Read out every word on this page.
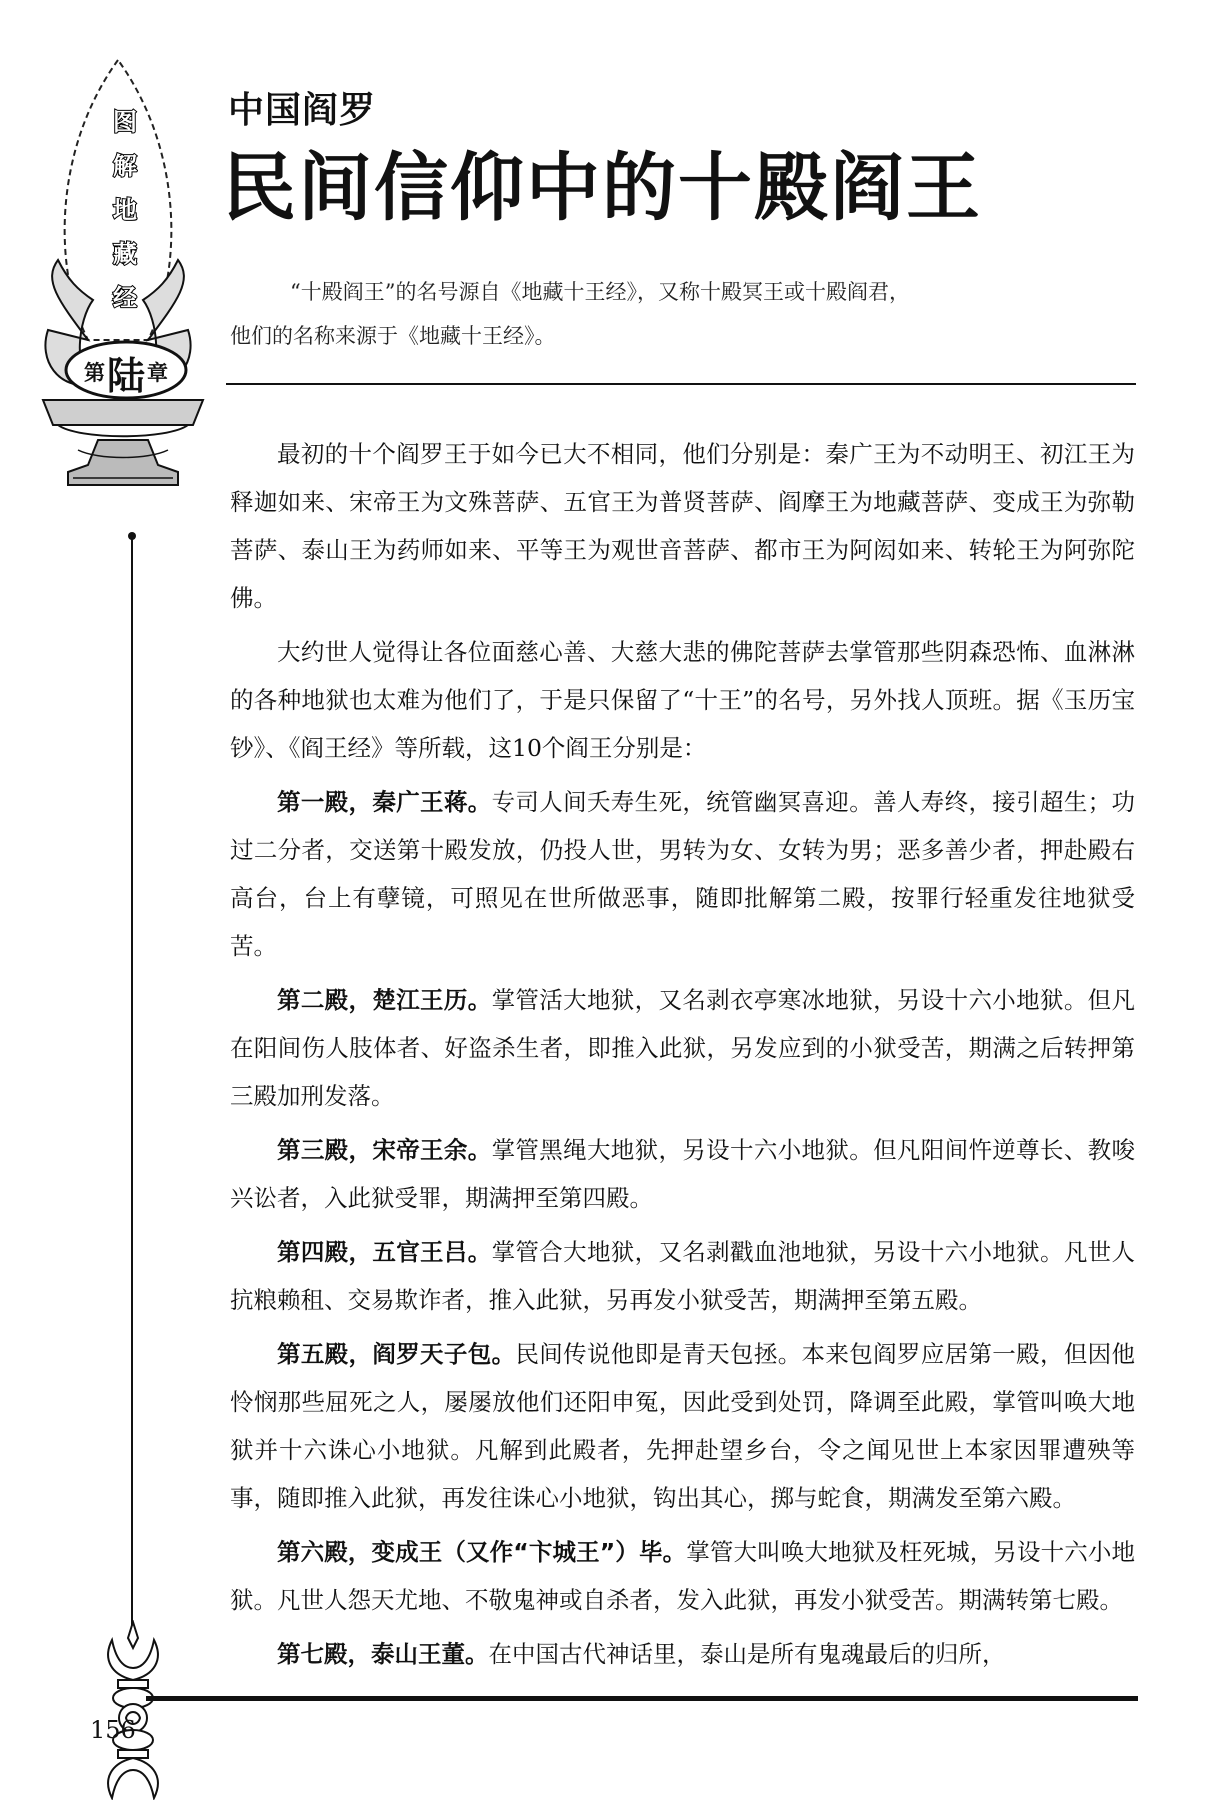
图
解
地
藏
经
第 陆 章
中国阎罗
民间信仰中的十殿阎王

“十殿阎王”的名号源自《地藏十王经》，又称十殿冥王或十殿阎君，

他们的名称来源于《地藏十王经》。

最初的十个阎罗王于如今已大不相同，他们分别是：秦广王为不动明王、初江王为释迦如来、宋帝王为文殊菩萨、五官王为普贤菩萨、阎摩王为地藏菩萨、变成王为弥勒菩萨、泰山王为药师如来、平等王为观世音菩萨、都市王为阿闳如来、转轮王为阿弥陀佛。

大约世人觉得让各位面慈心善、大慈大悲的佛陀菩萨去掌管那些阴森恐怖、血淋淋的各种地狱也太难为他们了，于是只保留了“十王”的名号，另外找人顶班。据《玉历宝钞》、《阎王经》等所载，这10个阎王分别是：

第一殿，秦广王蒋。专司人间夭寿生死，统管幽冥喜迎。善人寿终，接引超生；功过二分者，交送第十殿发放，仍投人世，男转为女、女转为男；恶多善少者，押赴殿右高台，台上有孽镜，可照见在世所做恶事，随即批解第二殿，按罪行轻重发往地狱受苦。

第二殿，楚江王历。掌管活大地狱，又名剥衣亭寒冰地狱，另设十六小地狱。但凡在阳间伤人肢体者、好盗杀生者，即推入此狱，另发应到的小狱受苦，期满之后转押第三殿加刑发落。

第三殿，宋帝王余。掌管黑绳大地狱，另设十六小地狱。但凡阳间忤逆尊长、教唆兴讼者，入此狱受罪，期满押至第四殿。

第四殿，五官王吕。掌管合大地狱，又名剥戳血池地狱，另设十六小地狱。凡世人抗粮赖租、交易欺诈者，推入此狱，另再发小狱受苦，期满押至第五殿。

第五殿，阎罗天子包。民间传说他即是青天包拯。本来包阎罗应居第一殿，但因他怜悯那些屈死之人，屡屡放他们还阳申冤，因此受到处罚，降调至此殿，掌管叫唤大地狱并十六诛心小地狱。凡解到此殿者，先押赴望乡台，令之闻见世上本家因罪遭殃等事，随即推入此狱，再发往诛心小地狱，钩出其心，掷与蛇食，期满发至第六殿。

第六殿，变成王（又作“卞城王”）毕。掌管大叫唤大地狱及枉死城，另设十六小地狱。凡世人怨天尤地、不敬鬼神或自杀者，发入此狱，再发小狱受苦。期满转第七殿。

第七殿，泰山王董。在中国古代神话里，泰山是所有鬼魂最后的归所，

156
